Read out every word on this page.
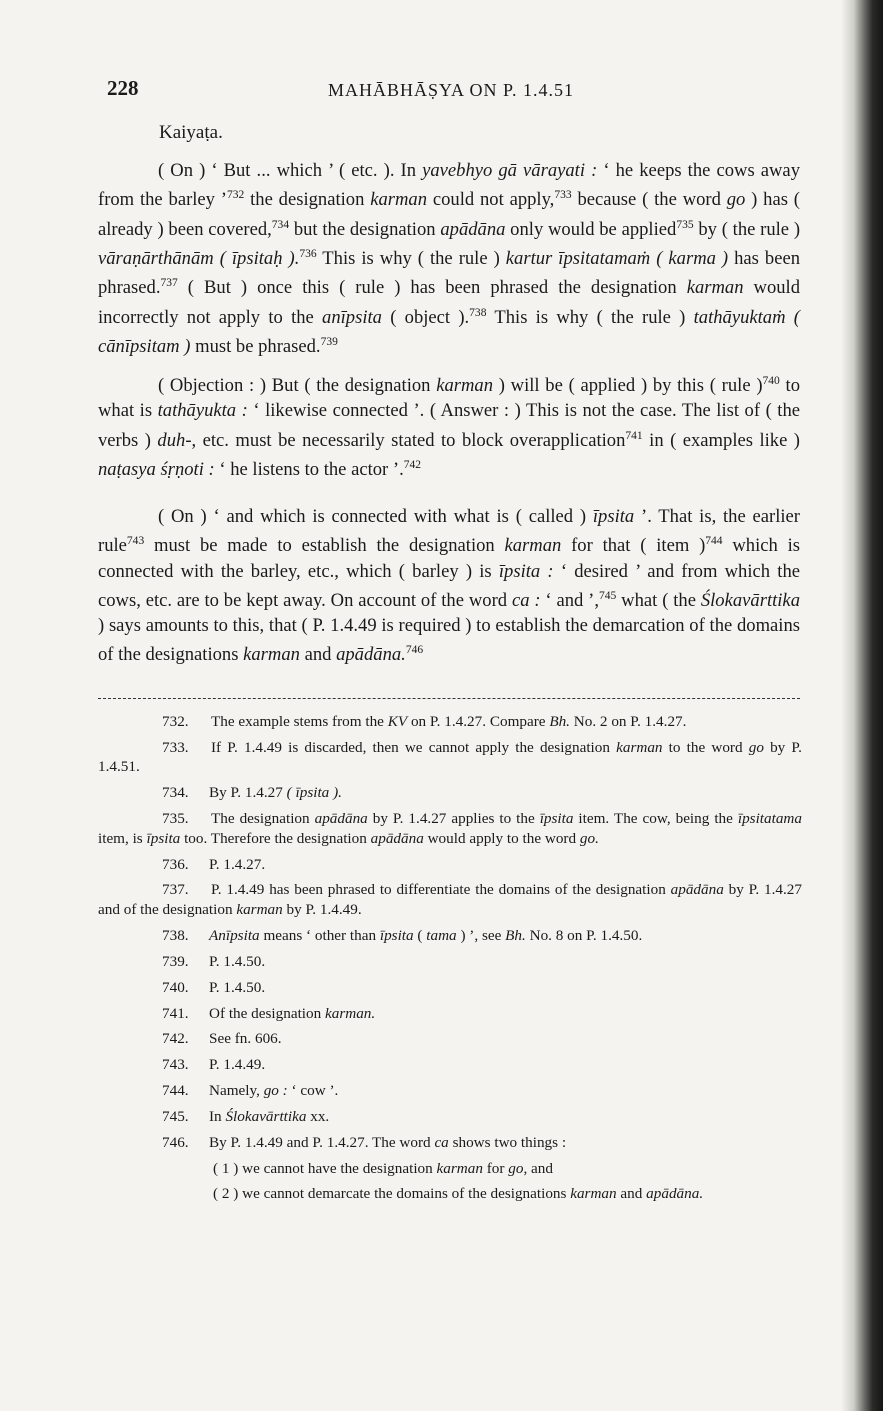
228	MAHĀBHĀṢYA ON P. 1.4.51
Kaiyaṭa.
( On ) ‘ But ... which ’ ( etc. ). In yavebhyo gā vārayati : ‘ he keeps the cows away from the barley ’$^{732}$ the designation karman could not apply,$^{733}$ because ( the word go ) has ( already ) been covered,$^{734}$ but the designation apādāna only would be applied$^{735}$ by ( the rule ) vāraṇārthānām ( īpsitaḥ ).$^{736}$ This is why ( the rule ) kartur īpsitatamaṁ ( karma ) has been phrased.$^{737}$ ( But ) once this ( rule ) has been phrased the designation karman would incorrectly not apply to the anīpsita ( object ).$^{738}$ This is why ( the rule ) tathāyuktaṁ ( cānīpsitam ) must be phrased.$^{739}$
( Objection : ) But ( the designation karman ) will be ( applied ) by this ( rule )$^{740}$ to what is tathāyukta : ‘ likewise connected ’. ( Answer : ) This is not the case. The list of ( the verbs ) duh-, etc. must be necessarily stated to block overapplication$^{741}$ in ( examples like ) naṭasya śṛṇoti : ‘ he listens to the actor ’.$^{742}$
( On ) ‘ and which is connected with what is ( called ) īpsita ’. That is, the earlier rule$^{743}$ must be made to establish the designation karman for that ( item )$^{744}$ which is connected with the barley, etc., which ( barley ) is īpsita : ‘ desired ’ and from which the cows, etc. are to be kept away. On account of the word ca : ‘ and ’,$^{745}$ what ( the Ślokavārttika ) says amounts to this, that ( P. 1.4.49 is required ) to establish the demarcation of the domains of the designations karman and apādāna.$^{746}$
732. The example stems from the KV on P. 1.4.27. Compare Bh. No. 2 on P. 1.4.27.
733. If P. 1.4.49 is discarded, then we cannot apply the designation karman to the word go by P. 1.4.51.
734. By P. 1.4.27 ( īpsita ).
735. The designation apādāna by P. 1.4.27 applies to the īpsita item. The cow, being the īpsitatama item, is īpsita too. Therefore the designation apādāna would apply to the word go.
736. P. 1.4.27.
737. P. 1.4.49 has been phrased to differentiate the domains of the designation apādāna by P. 1.4.27 and of the designation karman by P. 1.4.49.
738. Anīpsita means ‘ other than īpsita ( tama ) ’, see Bh. No. 8 on P. 1.4.50.
739. P. 1.4.50.
740. P. 1.4.50.
741. Of the designation karman.
742. See fn. 606.
743. P. 1.4.49.
744. Namely, go : ‘ cow ’.
745. In Ślokavārttika xx.
746. By P. 1.4.49 and P. 1.4.27. The word ca shows two things :
( 1 ) we cannot have the designation karman for go, and
( 2 ) we cannot demarcate the domains of the designations karman and apādāna.
